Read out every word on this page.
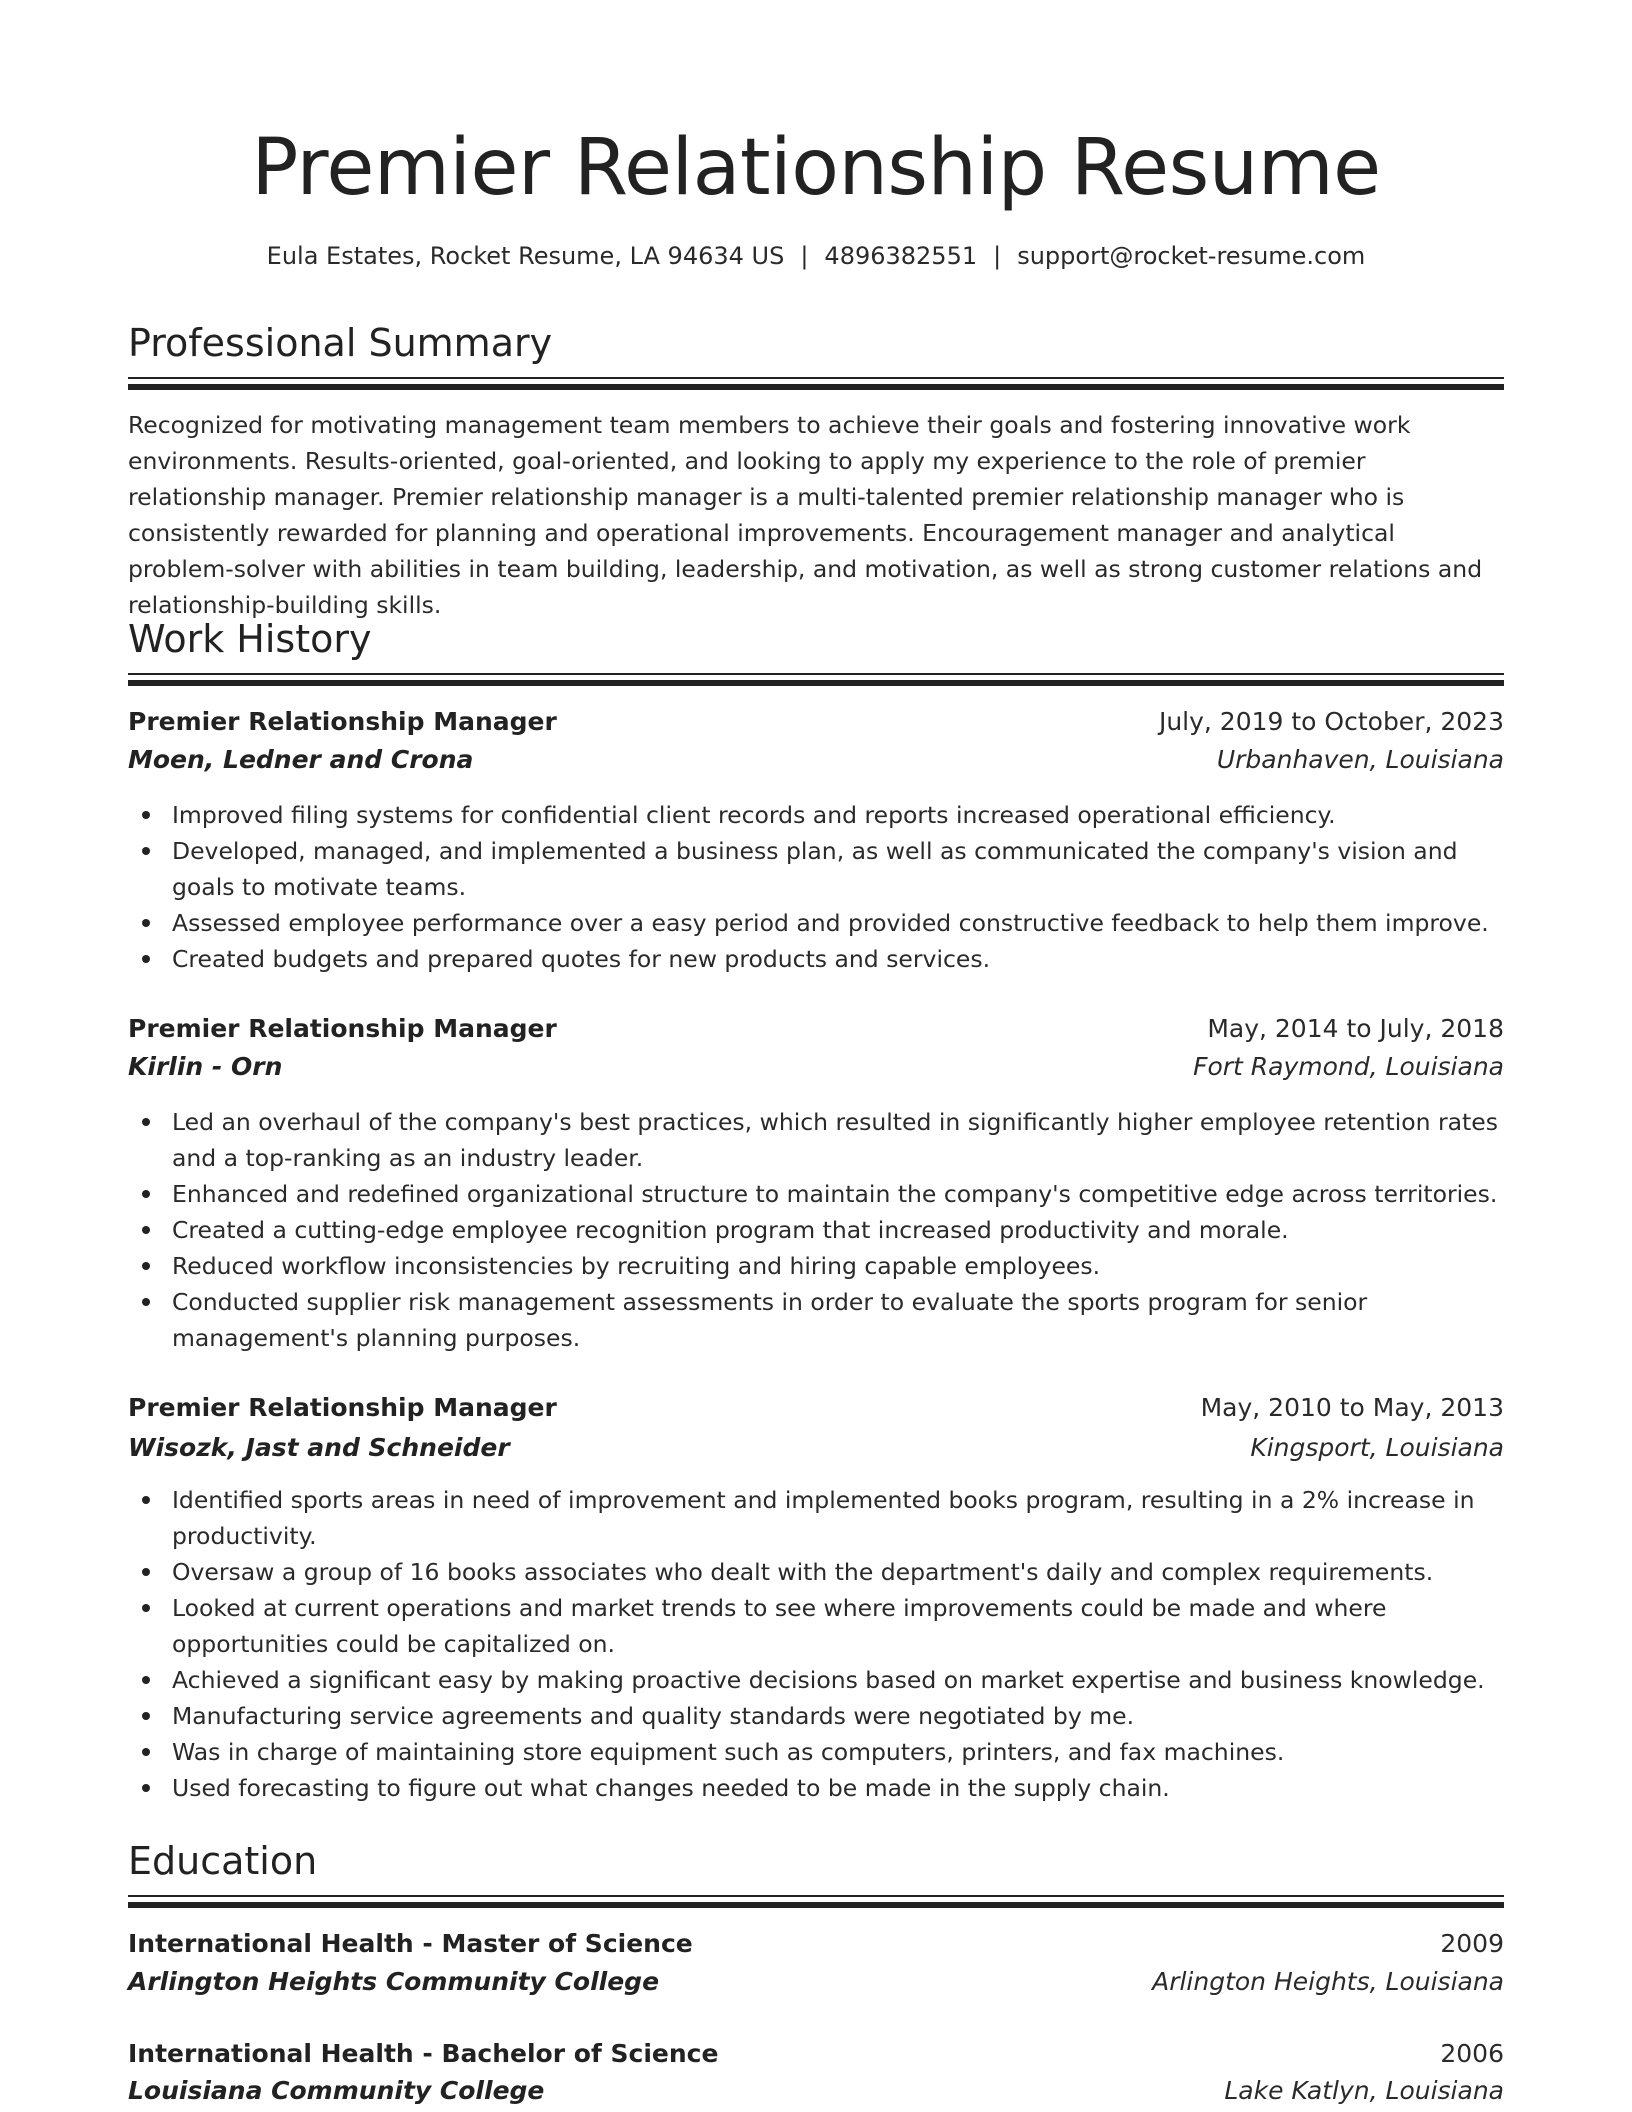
Premier Relationship Resume
Eula Estates, Rocket Resume, LA 94634 US | 4896382551 | support@rocket-resume.com
Professional Summary
Recognized for motivating management team members to achieve their goals and fostering innovative work environments. Results-oriented, goal-oriented, and looking to apply my experience to the role of premier relationship manager. Premier relationship manager is a multi-talented premier relationship manager who is consistently rewarded for planning and operational improvements. Encouragement manager and analytical problem-solver with abilities in team building, leadership, and motivation, as well as strong customer relations and relationship-building skills.
Work History
Premier Relationship Manager	July, 2019 to October, 2023
Moen, Ledner and Crona	Urbanhaven, Louisiana
Improved filing systems for confidential client records and reports increased operational efficiency.
Developed, managed, and implemented a business plan, as well as communicated the company's vision and goals to motivate teams.
Assessed employee performance over a easy period and provided constructive feedback to help them improve.
Created budgets and prepared quotes for new products and services.
Premier Relationship Manager	May, 2014 to July, 2018
Kirlin - Orn	Fort Raymond, Louisiana
Led an overhaul of the company's best practices, which resulted in significantly higher employee retention rates and a top-ranking as an industry leader.
Enhanced and redefined organizational structure to maintain the company's competitive edge across territories.
Created a cutting-edge employee recognition program that increased productivity and morale.
Reduced workflow inconsistencies by recruiting and hiring capable employees.
Conducted supplier risk management assessments in order to evaluate the sports program for senior management's planning purposes.
Premier Relationship Manager	May, 2010 to May, 2013
Wisozk, Jast and Schneider	Kingsport, Louisiana
Identified sports areas in need of improvement and implemented books program, resulting in a 2% increase in productivity.
Oversaw a group of 16 books associates who dealt with the department's daily and complex requirements.
Looked at current operations and market trends to see where improvements could be made and where opportunities could be capitalized on.
Achieved a significant easy by making proactive decisions based on market expertise and business knowledge.
Manufacturing service agreements and quality standards were negotiated by me.
Was in charge of maintaining store equipment such as computers, printers, and fax machines.
Used forecasting to figure out what changes needed to be made in the supply chain.
Education
International Health - Master of Science	2009
Arlington Heights Community College	Arlington Heights, Louisiana
International Health - Bachelor of Science	2006
Louisiana Community College	Lake Katlyn, Louisiana
